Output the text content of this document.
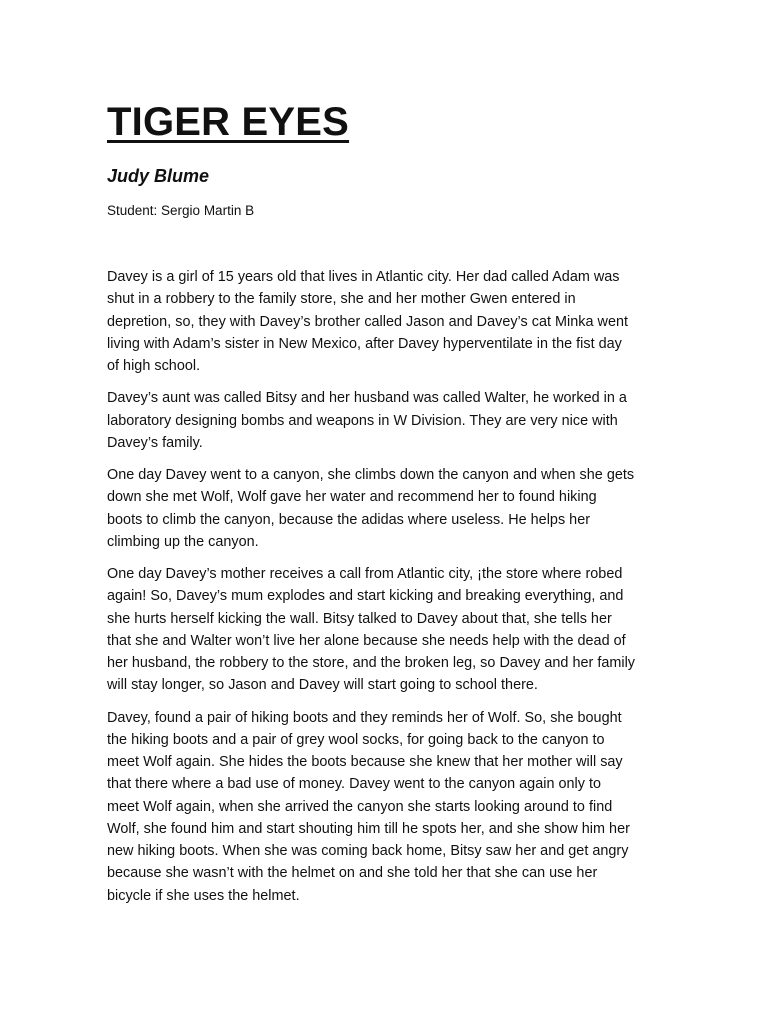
TIGER EYES
Judy Blume
Student: Sergio Martin B

Davey is a girl of 15 years old that lives in Atlantic city. Her dad called Adam was
shut in a robbery to the family store, she and her mother Gwen entered in
depretion, so, they with Davey’s brother called Jason and Davey’s cat Minka went
living with Adam’s sister in New Mexico, after Davey hyperventilate in the fist day
of high school.

Davey’s aunt was called Bitsy and her husband was called Walter, he worked in a
laboratory designing bombs and weapons in W Division. They are very nice with
Davey’s family.

One day Davey went to a canyon, she climbs down the canyon and when she gets
down she met Wolf, Wolf gave her water and recommend her to found hiking
boots to climb the canyon, because the adidas where useless. He helps her
climbing up the canyon.

One day Davey’s mother receives a call from Atlantic city, ¡the store where robed
again! So, Davey’s mum explodes and start kicking and breaking everything, and
she hurts herself kicking the wall. Bitsy talked to Davey about that, she tells her
that she and Walter won’t live her alone because she needs help with the dead of
her husband, the robbery to the store, and the broken leg, so Davey and her family
will stay longer, so Jason and Davey will start going to school there.

Davey, found a pair of hiking boots and they reminds her of Wolf. So, she bought
the hiking boots and a pair of grey wool socks, for going back to the canyon to
meet Wolf again. She hides the boots because she knew that her mother will say
that there where a bad use of money. Davey went to the canyon again only to
meet Wolf again, when she arrived the canyon she starts looking around to find
Wolf, she found him and start shouting him till he spots her, and she show him her
new hiking boots. When she was coming back home, Bitsy saw her and get angry
because she wasn’t with the helmet on and she told her that she can use her
bicycle if she uses the helmet.
